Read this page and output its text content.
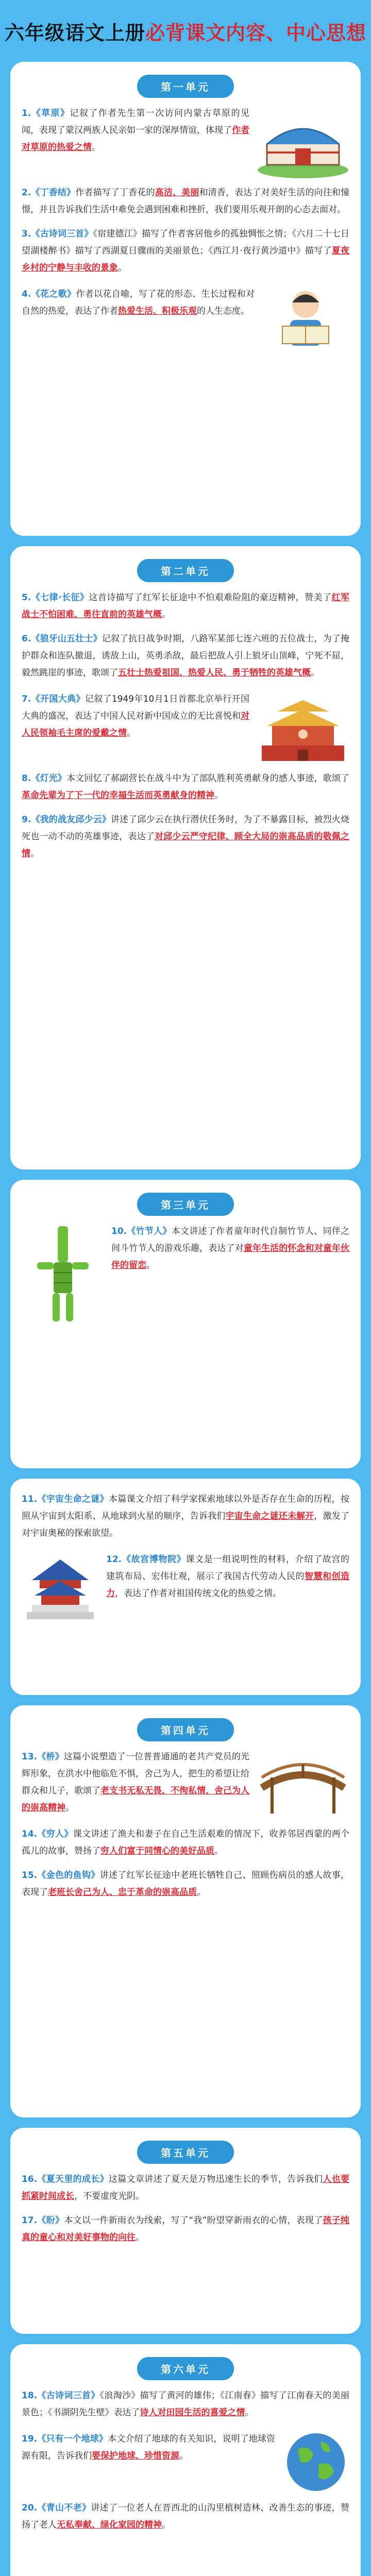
六年级语文上册 必背课文内容、中心思想
第一单元
1.《草原》记叙了作者先生第一次访问内蒙古草原的见闻，表现了蒙汉两族人民亲如一家的深厚情谊，体现了作者对草原的热爱之情。
2.《丁香结》作者描写了丁香花的高洁、美丽和清香，表达了对美好生活的向往和憧憬，并且告诉我们生活中难免会遇到困难和挫折，我们要用乐观开朗的心态去面对。
3.《古诗词三首》《宿建德江》描写了作者客居他乡的孤独惆怅之情；《六月二十七日望湖楼醉书》描写了西湖夏日骤雨的美丽景色；《西江月·夜行黄沙道中》描写了夏夜乡村的宁静与丰收的景象。
4.《花之歌》作者以花自喻，写了花的形态、生长过程和对自然的热爱，表达了作者热爱生活、积极乐观的人生态度。
第二单元
5.《七律·长征》这首诗描写了红军长征途中不怕艰难险阻的豪迈精神，赞美了红军战士不怕困难、勇往直前的英雄气概。
6.《狼牙山五壮士》记叙了抗日战争时期，八路军某部七连六班的五位战士，为了掩护群众和连队撤退，诱敌上山，英勇杀敌，最后把敌人引上狼牙山顶峰，宁死不屈，毅然跳崖的事迹，歌颂了五壮士热爱祖国、热爱人民、勇于牺牲的英雄气概。
7.《开国大典》记叙了1949年10月1日首都北京举行开国大典的盛况，表达了中国人民对新中国成立的无比喜悦和对人民领袖毛主席的爱戴之情。
8.《灯光》本文回忆了郝副营长在战斗中为了部队胜利英勇献身的感人事迹，歌颂了革命先辈为了下一代的幸福生活而英勇献身的精神。
9.《我的战友邱少云》讲述了邱少云在执行潜伏任务时，为了不暴露目标，被烈火烧死也一动不动的英雄事迹，表达了对邱少云严守纪律、顾全大局的崇高品质的敬佩之情。
第三单元
10.《竹节人》本文讲述了作者童年时代自制竹节人、同伴之间斗竹节人的游戏乐趣，表达了对童年生活的怀念和对童年伙伴的留恋。
11.《宇宙生命之谜》本篇课文介绍了科学家探索地球以外是否存在生命的历程，按照从宇宙到太阳系、从地球到火星的顺序，告诉我们宇宙生命之谜还未解开，激发了对宇宙奥秘的探索欲望。
12.《故宫博物院》课文是一组说明性的材料，介绍了故宫的建筑布局、宏伟壮观，展示了我国古代劳动人民的智慧和创造力，表达了作者对祖国传统文化的热爱之情。
第四单元
13.《桥》这篇小说塑造了一位普普通通的老共产党员的光辉形象，在洪水中他临危不惧，舍己为人，把生的希望让给群众和儿子，歌颂了老支书无私无畏、不徇私情、舍己为人的崇高精神。
14.《穷人》课文讲述了渔夫和妻子在自己生活艰难的情况下，收养邻居西蒙的两个孤儿的故事，赞扬了穷人们富于同情心的美好品质。
15.《金色的鱼钩》讲述了红军长征途中老班长牺牲自己、照顾伤病员的感人故事，表现了老班长舍己为人、忠于革命的崇高品质。
第五单元
16.《夏天里的成长》这篇文章讲述了夏天是万物迅速生长的季节，告诉我们人也要抓紧时间成长，不要虚度光阴。
17.《盼》本文以一件新雨衣为线索，写了“我”盼望穿新雨衣的心情，表现了孩子纯真的童心和对美好事物的向往。
第六单元
18.《古诗词三首》《浪淘沙》描写了黄河的雄伟；《江南春》描写了江南春天的美丽景色；《书湖阴先生壁》表达了诗人对田园生活的喜爱之情。
19.《只有一个地球》本文介绍了地球的有关知识，说明了地球资源有限，告诉我们要保护地球、珍惜资源。
20.《青山不老》讲述了一位老人在晋西北的山沟里植树造林、改善生态的事迹，赞扬了老人无私奉献、绿化家园的精神。
